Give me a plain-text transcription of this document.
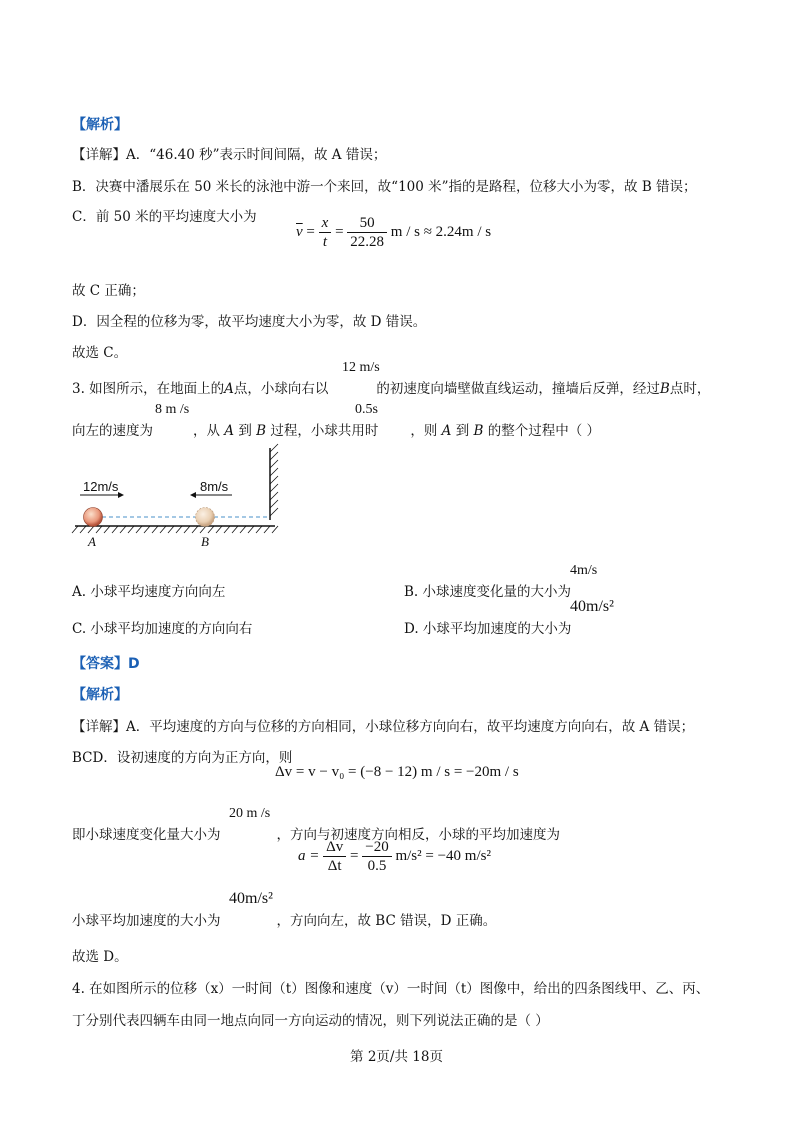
【解析】
【详解】A．“46.40 秒”表示时间间隔，故 A 错误；
B．决赛中潘展乐在 50 米长的泳池中游一个来回，故“100 米”指的是路程，位移大小为零，故 B 错误；
C．前 50 米的平均速度大小为
$\overline{v} = \frac{x}{t} = \frac{50}{22.28}$ m / s ≈ 2.24m / s
故 C 正确；
D．因全程的位移为零，故平均速度大小为零，故 D 错误。
故选 C。
12 m/s
3. 如图所示，在地面上的A点，小球向右以	的初速度向墙壁做直线运动，撞墙后反弹，经过B点时，
8 m /s	0.5s
向左的速度为	，从 A 到 B 过程，小球共用时 ，则 A 到 B 的整个过程中（ ）
12m/s	8m/s
A	B
4m/s
A. 小球平均速度方向向左	B. 小球速度变化量的大小为
C. 小球平均加速度的方向向右	D. 小球平均加速度的大小为
40m/s²
【答案】D
【解析】
【详解】A．平均速度的方向与位移的方向相同，小球位移方向向右，故平均速度方向向右，故 A 错误；
BCD．设初速度的方向为正方向，则
Δv = v − v₀ = (−8 − 12) m / s = −20m / s
20 m /s
即小球速度变化量大小为	，方向与初速度方向相反，小球的平均加速度为
$a = \frac{\Delta v}{\Delta t} = \frac{-20}{0.5} m/s^2 = -40$ m/s²
40m/s²
小球平均加速度的大小为	，方向向左，故 BC 错误，D 正确。
故选 D。
4. 在如图所示的位移（x）一时间（t）图像和速度（v）一时间（t）图像中，给出的四条图线甲、乙、丙、
丁分别代表四辆车由同一地点向同一方向运动的情况，则下列说法正确的是（ ）
第 2页/共 18页
